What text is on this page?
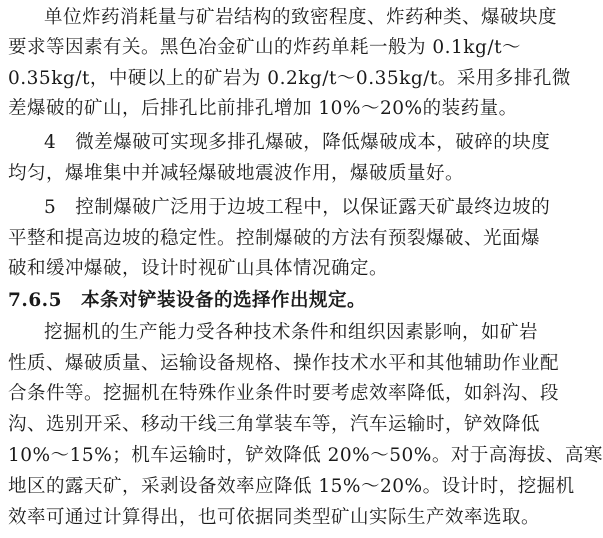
单位炸药消耗量与矿岩结构的致密程度、炸药种类、爆破块度
要求等因素有关。黑色冶金矿山的炸药单耗一般为 0.1kg/t～
0.35kg/t，中硬以上的矿岩为 0.2kg/t～0.35kg/t。采用多排孔微
差爆破的矿山，后排孔比前排孔增加 10%～20%的装药量。
4　微差爆破可实现多排孔爆破，降低爆破成本，破碎的块度
均匀，爆堆集中并减轻爆破地震波作用，爆破质量好。
5　控制爆破广泛用于边坡工程中，以保证露天矿最终边坡的
平整和提高边坡的稳定性。控制爆破的方法有预裂爆破、光面爆
破和缓冲爆破，设计时视矿山具体情况确定。
7.6.5　本条对铲装设备的选择作出规定。
挖掘机的生产能力受各种技术条件和组织因素影响，如矿岩
性质、爆破质量、运输设备规格、操作技术水平和其他辅助作业配
合条件等。挖掘机在特殊作业条件时要考虑效率降低，如斜沟、段
沟、选别开采、移动干线三角掌装车等，汽车运输时，铲效降低
10%～15%；机车运输时，铲效降低 20%～50%。对于高海拔、高寒
地区的露天矿，采剥设备效率应降低 15%～20%。设计时，挖掘机
效率可通过计算得出，也可依据同类型矿山实际生产效率选取。
